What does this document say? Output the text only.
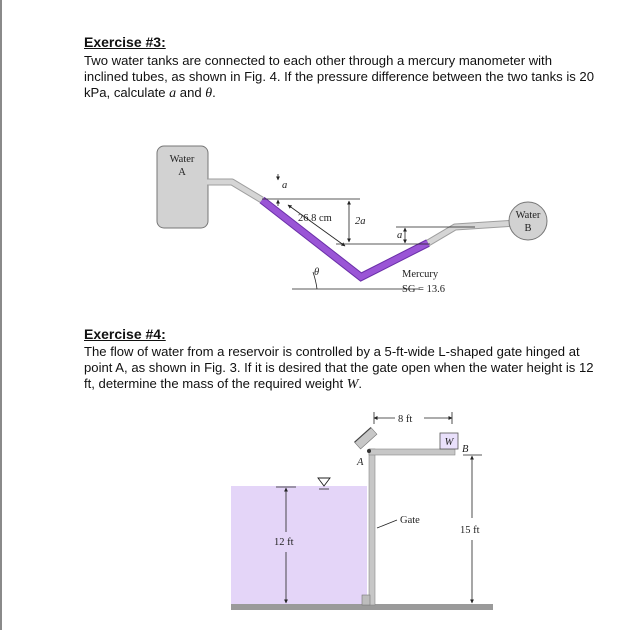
Exercise #3:
Two water tanks are connected to each other through a mercury manometer with
inclined tubes, as shown in Fig. 4. If the pressure difference between the two tanks is 20
kPa, calculate a and θ.
Exercise #4:
The flow of water from a reservoir is controlled by a 5-ft-wide L-shaped gate hinged at
point A, as shown in Fig. 3. If it is desired that the gate open when the water height is 12
ft, determine the mass of the required weight W.
Water
A
Water
B
a
26.8 cm 2a
a
θ	Mercury
SG = 13.6
A
W
B
8 ft
15 ft
Gate
12 ft
